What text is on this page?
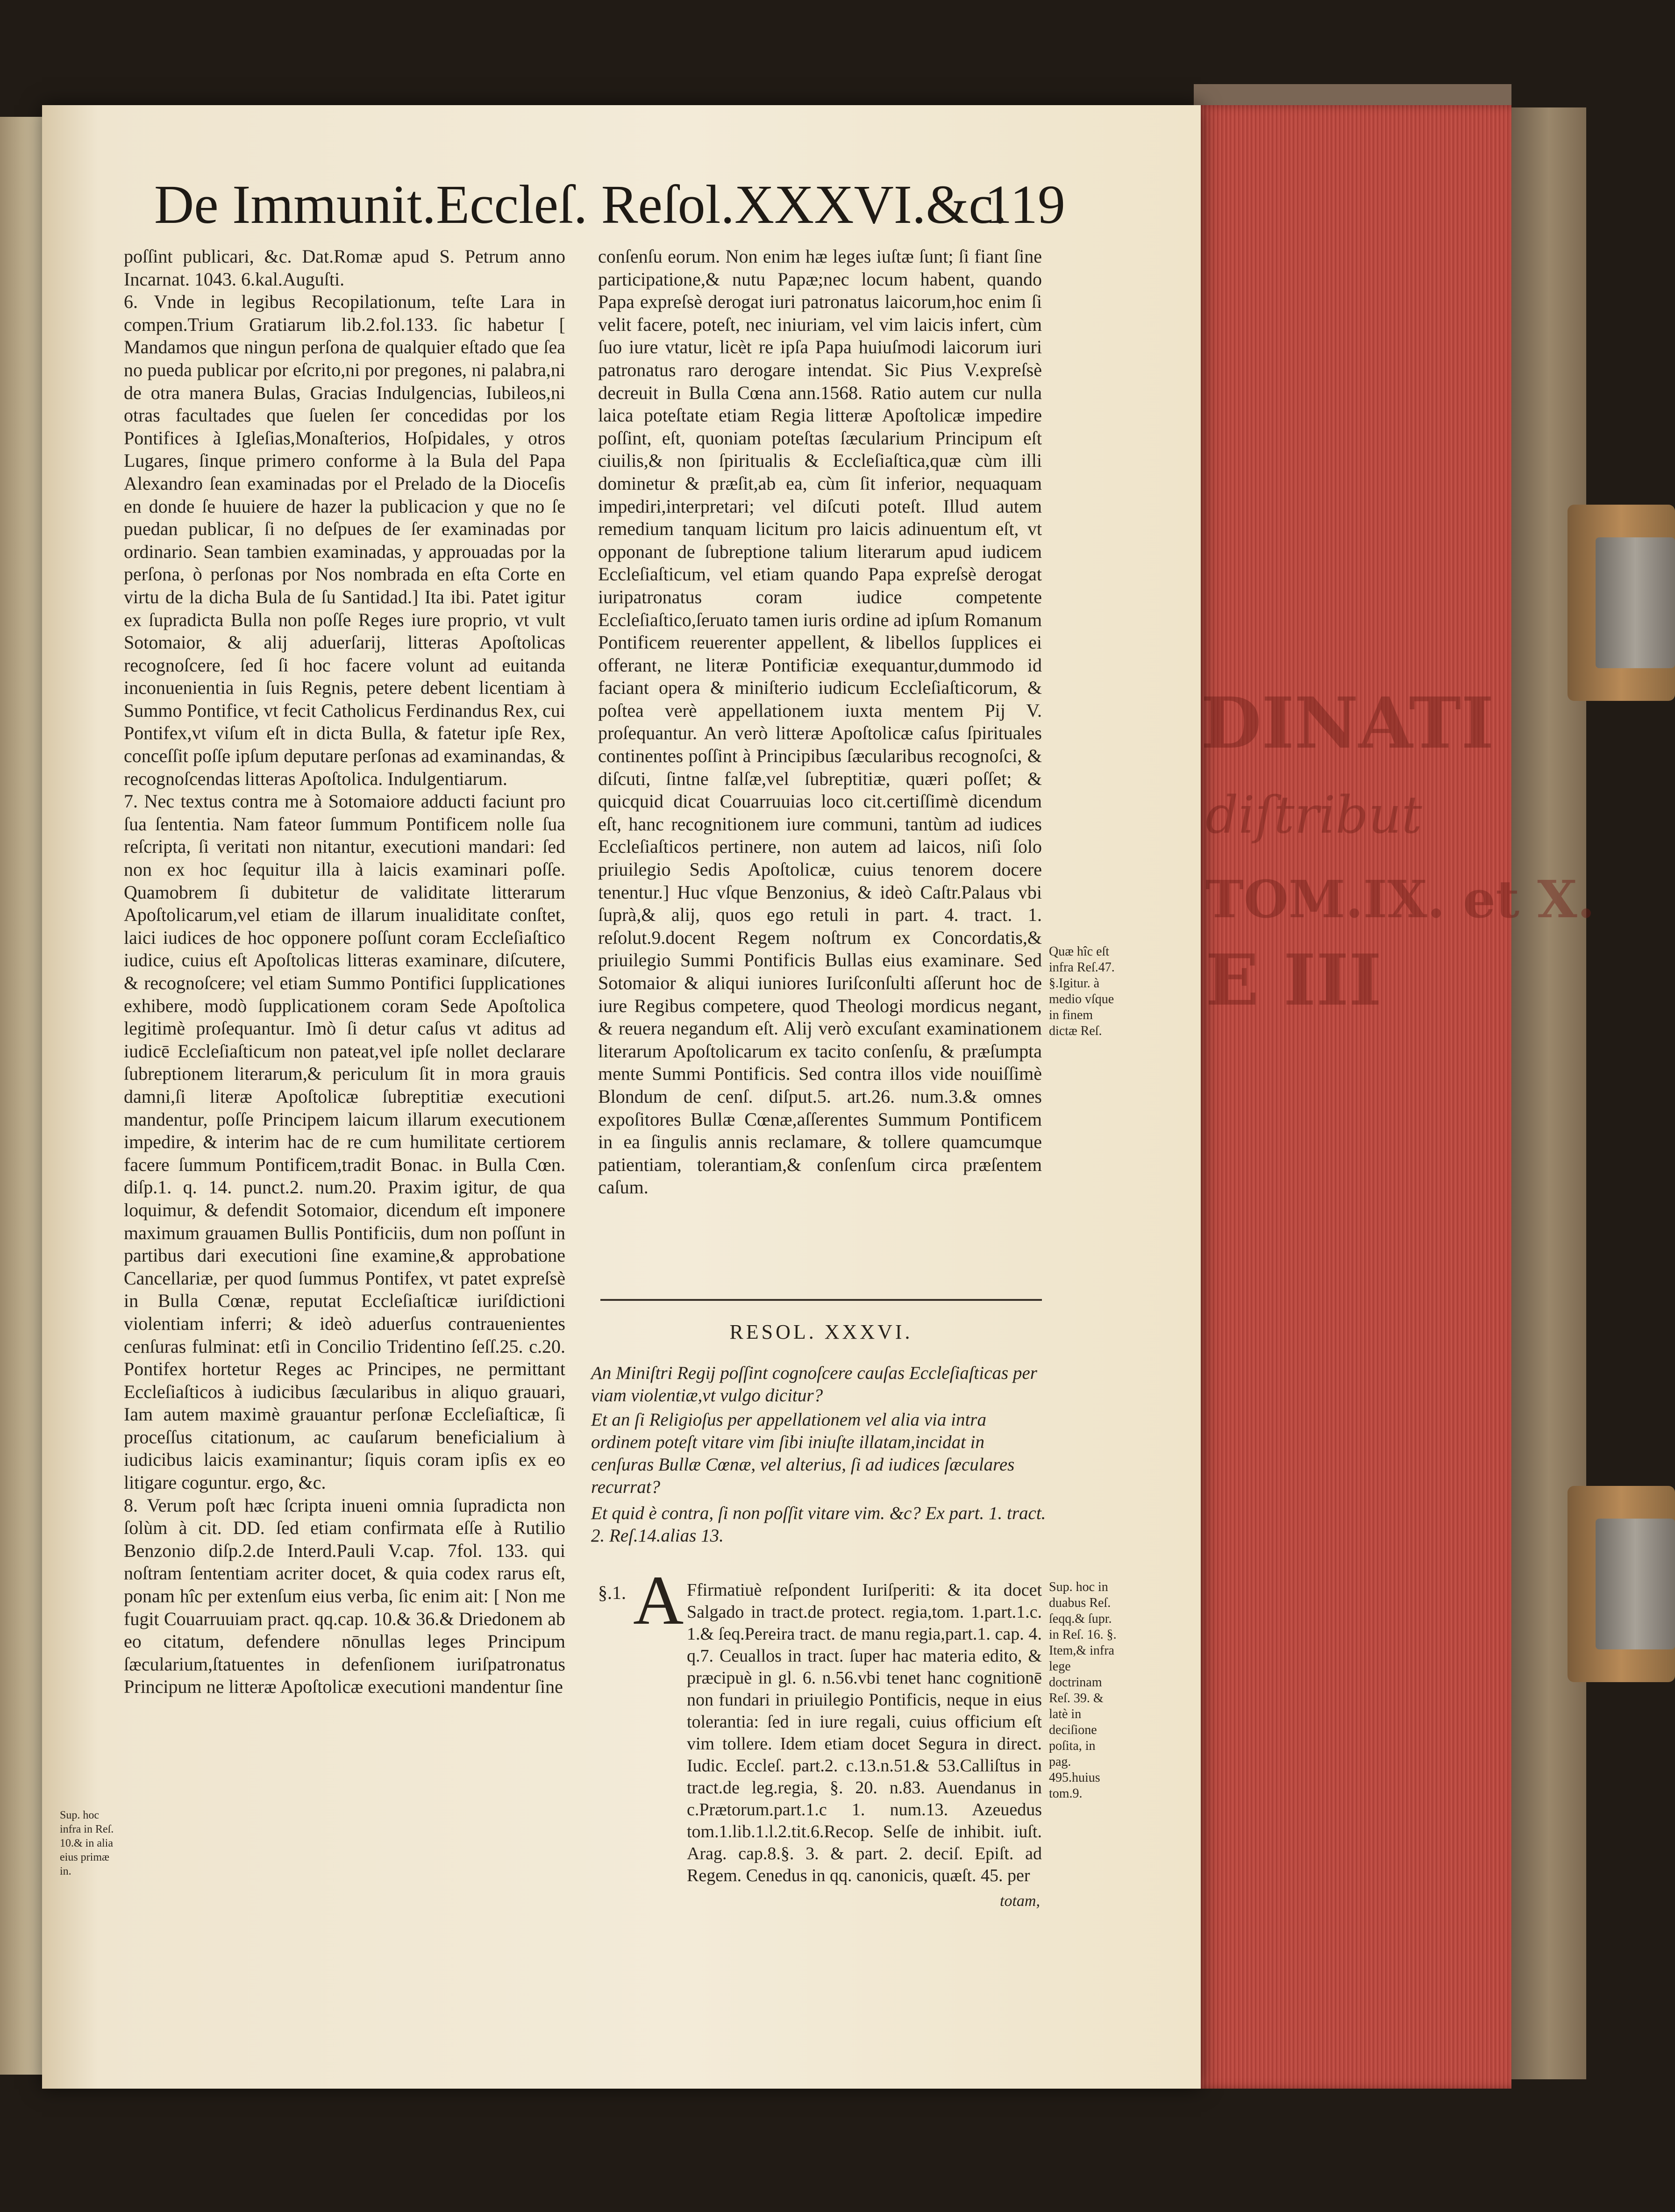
DINATI
diſtribut
TOM.IX. et X.
E III
De Immunit.Eccleſ. Reſol.XXXVI.&c.
119

poſſint publicari, &c. Dat.Romæ apud S. Petrum anno Incarnat. 1043. 6.kal.Auguſti.

6. Vnde in legibus Recopilationum, teſte Lara in compen.Trium Gratiarum lib.2.fol.133. ſic habetur [ Mandamos que ningun perſona de qualquier eſtado que ſea no pueda publicar por eſcrito,ni por pregones, ni palabra,ni de otra manera Bulas, Gracias Indulgencias, Iubileos,ni otras facultades que ſuelen ſer concedidas por los Pontifices à Igleſias,Monaſterios, Hoſpidales, y otros Lugares, ſinque primero conforme à la Bula del Papa Alexandro ſean examinadas por el Prelado de la Dioceſis en donde ſe huuiere de hazer la publicacion y que no ſe puedan publicar, ſi no deſpues de ſer examinadas por ordinario. Sean tambien examinadas, y approuadas por la perſona, ò perſonas por Nos nombrada en eſta Corte en virtu de la dicha Bula de ſu Santidad.] Ita ibi. Patet igitur ex ſupradicta Bulla non poſſe Reges iure proprio, vt vult Sotomaior, & alij aduerſarij, litteras Apoſtolicas recognoſcere, ſed ſi hoc facere volunt ad euitanda inconuenientia in ſuis Regnis, petere debent licentiam à Summo Pontifice, vt fecit Catholicus Ferdinandus Rex, cui Pontifex,vt viſum eſt in dicta Bulla, & fatetur ipſe Rex, conceſſit poſſe ipſum deputare perſonas ad examinandas, & recognoſcendas litteras Apoſtolica. Indulgentiarum.

7. Nec textus contra me à Sotomaiore adducti faciunt pro ſua ſententia. Nam fateor ſummum Pontificem nolle ſua reſcripta, ſi veritati non nitantur, executioni mandari: ſed non ex hoc ſequitur illa à laicis examinari poſſe. Quamobrem ſi dubitetur de validitate litterarum Apoſtolicarum,vel etiam de illarum inualiditate conſtet, laici iudices de hoc opponere poſſunt coram Eccleſiaſtico iudice, cuius eſt Apoſtolicas litteras examinare, diſcutere, & recognoſcere; vel etiam Summo Pontifici ſupplicationes exhibere, modò ſupplicationem coram Sede Apoſtolica legitimè proſequantur. Imò ſi detur caſus vt aditus ad iudicē Eccleſiaſticum non pateat,vel ipſe nollet declarare ſubreptionem literarum,& periculum ſit in mora grauis damni,ſi literæ Apoſtolicæ ſubreptitiæ executioni mandentur, poſſe Principem laicum illarum executionem impedire, & interim hac de re cum humilitate certiorem facere ſummum Pontificem,tradit Bonac. in Bulla Cœn. diſp.1. q. 14. punct.2. num.20. Praxim igitur, de qua loquimur, & defendit Sotomaior, dicendum eſt imponere maximum grauamen Bullis Pontificiis, dum non poſſunt in partibus dari executioni ſine examine,& approbatione Cancellariæ, per quod ſummus Pontifex, vt patet expreſsè in Bulla Cœnæ, reputat Eccleſiaſticæ iuriſdictioni violentiam inferri; & ideò aduerſus contrauenientes cenſuras fulminat: etſi in Concilio Tridentino ſeſſ.25. c.20. Pontifex hortetur Reges ac Principes, ne permittant Eccleſiaſticos à iudicibus ſæcularibus in aliquo grauari, Iam autem maximè grauantur perſonæ Eccleſiaſticæ, ſi proceſſus citationum, ac cauſarum beneficialium à iudicibus laicis examinantur; ſiquis coram ipſis ex eo litigare coguntur. ergo, &c.

8. Verum poſt hæc ſcripta inueni omnia ſupradicta non ſolùm à cit. DD. ſed etiam confirmata eſſe à Rutilio Benzonio diſp.2.de Interd.Pauli V.cap. 7fol. 133. qui noſtram ſententiam acriter docet, & quia codex rarus eſt, ponam hîc per extenſum eius verba, ſic enim ait: [ Non me fugit Couarruuiam pract. qq.cap. 10.& 36.& Driedonem ab eo citatum, defendere nōnullas leges Principum ſæcularium,ſtatuentes in defenſionem iuriſpatronatus Principum ne litteræ Apoſtolicæ executioni mandentur ſine

conſenſu eorum. Non enim hæ leges iuſtæ ſunt; ſi fiant ſine participatione,& nutu Papæ;nec locum habent, quando Papa expreſsè derogat iuri patronatus laicorum,hoc enim ſi velit facere, poteſt, nec iniuriam, vel vim laicis infert, cùm ſuo iure vtatur, licèt re ipſa Papa huiuſmodi laicorum iuri patronatus raro derogare intendat. Sic Pius V.expreſsè decreuit in Bulla Cœna ann.1568. Ratio autem cur nulla laica poteſtate etiam Regia litteræ Apoſtolicæ impedire poſſint, eſt, quoniam poteſtas ſæcularium Principum eſt ciuilis,& non ſpiritualis & Eccleſiaſtica,quæ cùm illi dominetur & præſit,ab ea, cùm ſit inferior, nequaquam impediri,interpretari; vel diſcuti poteſt. Illud autem remedium tanquam licitum pro laicis adinuentum eſt, vt opponant de ſubreptione talium literarum apud iudicem Eccleſiaſticum, vel etiam quando Papa expreſsè derogat iuripatronatus coram iudice competente Eccleſiaſtico,ſeruato tamen iuris ordine ad ipſum Romanum Pontificem reuerenter appellent, & libellos ſupplices ei offerant, ne literæ Pontificiæ exequantur,dummodo id faciant opera & miniſterio iudicum Eccleſiaſticorum, & poſtea verè appellationem iuxta mentem Pij V. proſequantur. An verò litteræ Apoſtolicæ caſus ſpirituales continentes poſſint à Principibus ſæcularibus recognoſci, & diſcuti, ſintne falſæ,vel ſubreptitiæ, quæri poſſet; & quicquid dicat Couarruuias loco cit.certiſſimè dicendum eſt, hanc recognitionem iure communi, tantùm ad iudices Eccleſiaſticos pertinere, non autem ad laicos, niſi ſolo priuilegio Sedis Apoſtolicæ, cuius tenorem docere tenentur.] Huc vſque Benzonius, & ideò Caſtr.Palaus vbi ſuprà,& alij, quos ego retuli in part. 4. tract. 1. reſolut.9.docent Regem noſtrum ex Concordatis,& priuilegio Summi Pontificis Bullas eius examinare. Sed Sotomaior & aliqui iuniores Iuriſconſulti aſſerunt hoc de iure Regibus competere, quod Theologi mordicus negant, & reuera negandum eſt. Alij verò excuſant examinationem literarum Apoſtolicarum ex tacito conſenſu, & præſumpta mente Summi Pontificis. Sed contra illos vide nouiſſimè Blondum de cenſ. diſput.5. art.26. num.3.& omnes expoſitores Bullæ Cœnæ,aſſerentes Summum Pontificem in ea ſingulis annis reclamare, & tollere quamcumque patientiam, tolerantiam,& conſenſum circa præſentem caſum.

RESOL. XXXVI.
An Miniſtri Regij poſſint cognoſcere cauſas Eccleſiaſticas per viam violentiæ,vt vulgo dicitur?
Et an ſi Religioſus per appellationem vel alia via intra ordinem poteſt vitare vim ſibi iniuſte illatam,incidat in cenſuras Bullæ Cœnæ, vel alterius, ſi ad iudices ſæculares recurrat?
Et quid è contra, ſi non poſſit vitare vim. &c? Ex part. 1. tract. 2. Reſ.14.alias 13.
§.1. A Ffirmatiuè reſpondent Iuriſperiti: & ita docet Salgado in tract.de protect. regia,tom. 1.part.1.c. 1.& ſeq.Pereira tract. de manu regia,part.1. cap. 4. q.7. Ceuallos in tract. ſuper hac materia edito, & præcipuè in gl. 6. n.56.vbi tenet hanc cognitionē non fundari in priuilegio Pontificis, neque in eius tolerantia: ſed in iure regali, cuius officium eſt vim tollere. Idem etiam docet Segura in direct. Iudic. Eccleſ. part.2. c.13.n.51.& 53.Calliſtus in tract.de leg.regia, §. 20. n.83. Auendanus in c.Prætorum.part.1.c 1. num.13. Azeuedus tom.1.lib.1.l.2.tit.6.Recop. Selſe de inhibit. iuſt. Arag. cap.8.§. 3. & part. 2. deciſ. Epiſt. ad Regem. Cenedus in qq. canonicis, quæſt. 45. per
totam,
Quæ hîc eſt infra Reſ.47. §.Igitur. à medio vſque in finem dictæ Reſ.
Sup. hoc in duabus Reſ. ſeqq.& ſupr. in Reſ. 16. §. Item,& infra lege doctrinam Reſ. 39. & latè in deciſione poſita, in pag. 495.huius tom.9.
Sup. hoc infra in Reſ. 10.& in alia eius primæ in.
